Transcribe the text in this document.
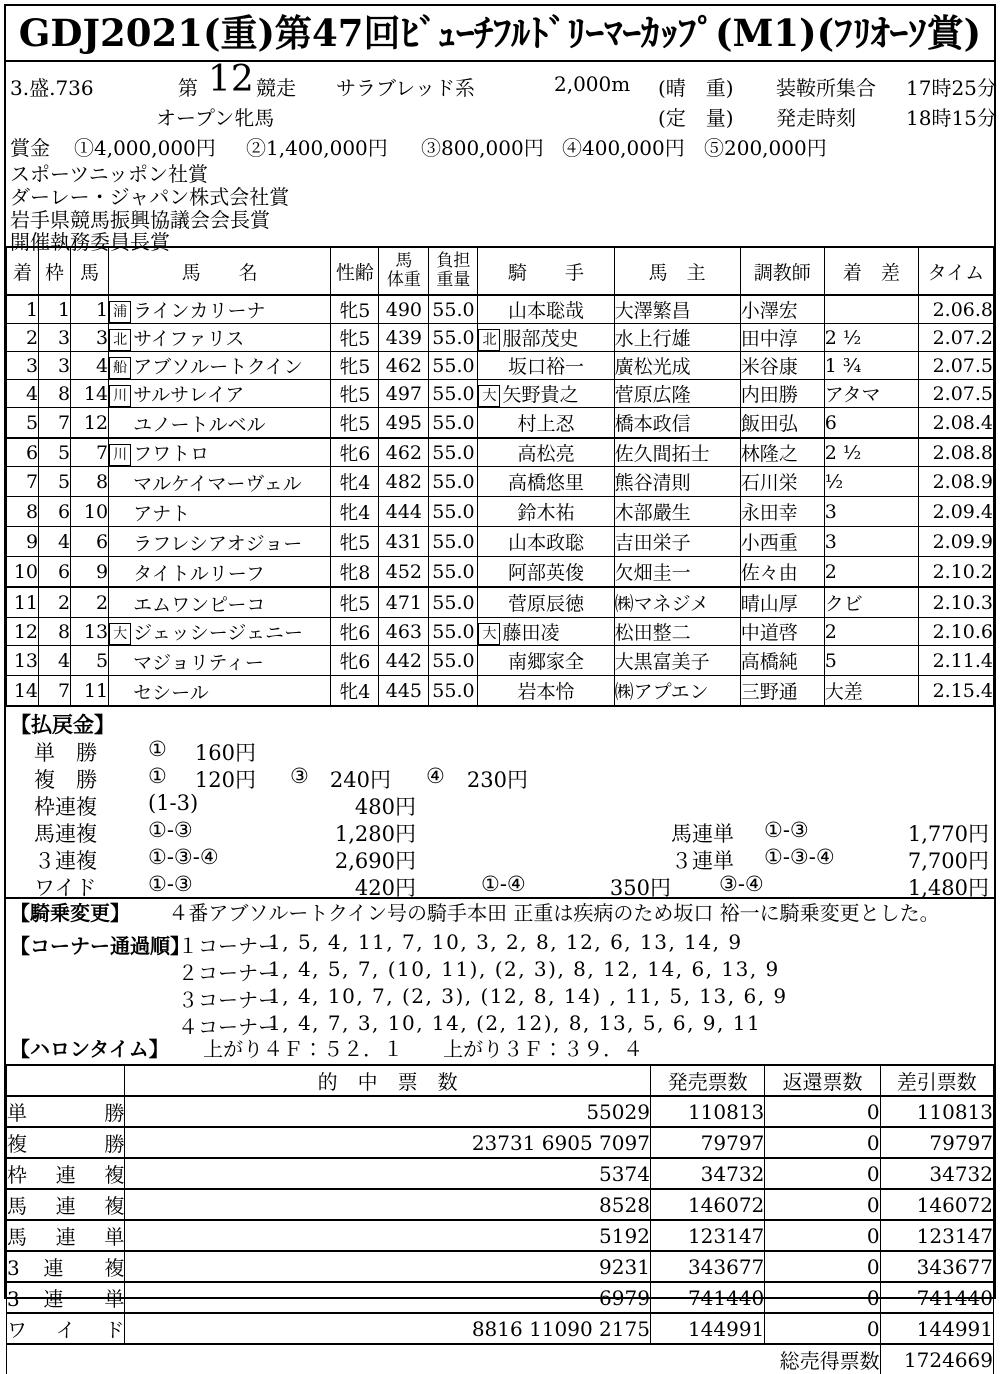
GDJ2021(重)第47回ﾋﾞｭｰﾁﾌﾙﾄﾞﾘｰﾏｰｶｯﾌﾟ(M1)(ﾌﾘｵｰｿ賞)
3.盛.736	第 12 競走 サラブレッド系	2,000m (晴　重) 装鞍所集合 17時25分
オープン牝馬	(定　量) 発走時刻	18時15分
賞金 ①4,000,000円 ②1,400,000円 ③800,000円 ④400,000円 ⑤200,000円
スポーツニッポン社賞
ダーレー・ジャパン株式会社賞
岩手県競馬振興協議会会長賞
開催執務委員長賞
着	枠	馬	馬　　名	性齢	馬
体重	負担
重量	騎　　手	馬　主	調教師	着　差	タイム
1	1	1	浦 ラインカリーナ	牝5	490	55.0	山本聡哉	大澤繁昌	小澤宏		2.06.8
2	3	3	北 サイファリス	牝5	439	55.0	北 服部茂史	水上行雄	田中淳	2 ½	2.07.2
3	3	4	船 アブソルートクイン	牝5	462	55.0	坂口裕一	廣松光成	米谷康	1 ¾	2.07.5
4	8	14	川 サルサレイア	牝5	497	55.0	大 矢野貴之	菅原広隆	内田勝	アタマ	2.07.5
5	7	12	ユノートルベル	牝5	495	55.0	村上忍	橋本政信	飯田弘	6	2.08.4
6	5	7	川 フワトロ	牝6	462	55.0	高松亮	佐久間拓士	林隆之	2 ½	2.08.8
7	5	8	マルケイマーヴェル	牝4	482	55.0	高橋悠里	熊谷清則	石川栄	½	2.08.9
8	6	10	アナト	牝4	444	55.0	鈴木祐	木部嚴生	永田幸	3	2.09.4
9	4	6	ラフレシアオジョー	牝5	431	55.0	山本政聡	吉田栄子	小西重	3	2.09.9
10	6	9	タイトルリーフ	牝8	452	55.0	阿部英俊	欠畑圭一	佐々由	2	2.10.2
11	2	2	エムワンピーコ	牝5	471	55.0	菅原辰徳	㈱マネジメ	晴山厚	クビ	2.10.3
12	8	13	大 ジェッシージェニー	牝6	463	55.0	大 藤田凌	松田整二	中道啓	2	2.10.6
13	4	5	マジョリティー	牝6	442	55.0	南郷家全	大黒富美子	高橋純	5	2.11.4
14	7	11	セシール	牝4	445	55.0	岩本怜	㈱アプエン	三野通	大差	2.15.4
【払戻金】
単　勝 ①	160円
複　勝 ①	120円 ③	240円 ④	230円
枠連複 (1-3)	480円
馬連複 ①-③	1,280円	馬連単 ①-③	1,770円
３連複 ①-③-④	2,690円	３連単 ①-③-④	7,700円
ワイド ①-③	420円	①-④	350円 ③-④	1,480円
【騎乗変更】 ４番アブソルートクイン号の騎手本田 正重は疾病のため坂口 裕一に騎乗変更とした。
【コーナー通過順】
１コーナー
1, 5, 4, 11, 7, 10, 3, 2, 8, 12, 6, 13, 14, 9
２コーナー
1, 4, 5, 7, (10, 11), (2, 3), 8, 12, 14, 6, 13, 9
３コーナー
1, 4, 10, 7, (2, 3), (12, 8, 14) , 11, 5, 13, 6, 9
４コーナー
1, 4, 7, 3, 10, 14, (2, 12), 8, 13, 5, 6, 9, 11
【ハロンタイム】 上がり４Ｆ：５２．１　　上がり３Ｆ：３９．４
	的　中　票　数	発売票数	返還票数	差引票数
単 勝	55029	110813	0	110813
複 勝	23731 6905 7097	79797	0	79797
枠 連 複	5374	34732	0	34732
馬 連 複	8528	146072	0	146072
馬 連 単	5192	123147	0	123147
3 連 複	9231	343677	0	343677
3 連 単	6979	741440	0	741440
ワ イ ド	8816 11090 2175	144991	0	144991
総売得票数				1724669
